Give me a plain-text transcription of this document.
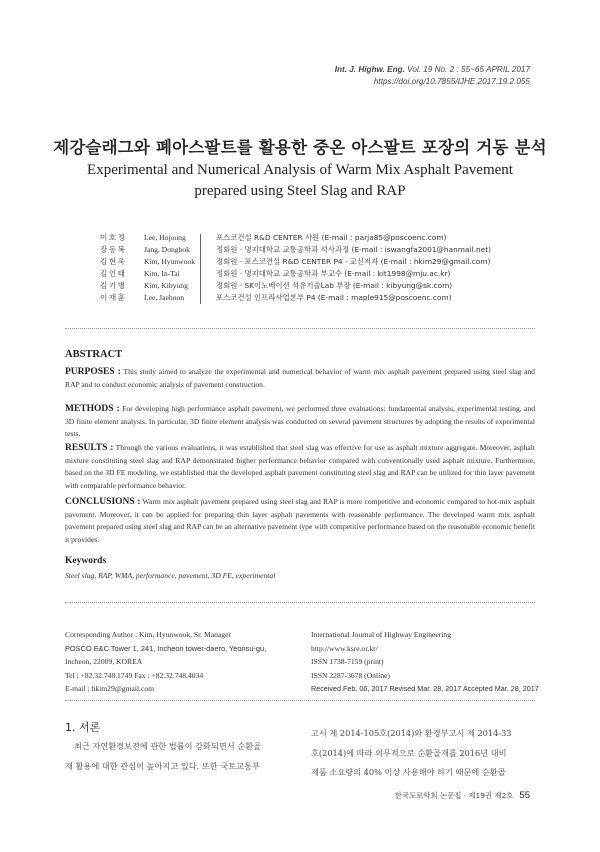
Int. J. Highw. Eng. Vol. 19 No. 2 : 55~65 APRIL 2017
https://doi.org/10.7855/IJHE.2017.19.2.055
제강슬래그와 폐아스팔트를 활용한 중온 아스팔트 포장의 거동 분석
Experimental and Numerical Analysis of Warm Mix Asphalt Pavement
prepared using Steel Slag and RAP
이호정	Lee, Hojoung	포스코건설 R&D CENTER 사원 (E-mail : parja85@poscoenc.com)
장동복	Jang, Dongbok	정회원 · 명지대학교 교통공학과 석사과정 (E-mail : iswangfa2001@hanmail.net)
김현욱	Kim, Hyunwook	정회원 · 포스코건설 R&D CENTER P4 · 교신저자 (E-mail : hkim29@gmail.com)
김인태	Kim, In-Tai	정회원 · 명지대학교 교통공학과 부교수 (E-mail : kit1998@mju.ac.kr)
김기병	Kim, Kibyung	정회원 · SK이노베이션 석유기술Lab 부장 (E-mail : kibyung@sk.com)
이재훈	Lee, Jaehoon	포스코건설 인프라사업본부 P4 (E-mail : maple915@poscoenc.com)
ABSTRACT
PURPOSES : This study aimed to analyze the experimental and numerical behavior of warm mix asphalt pavement prepared using steel slag and RAP and to conduct economic analysis of pavement construction.
METHODS : For developing high performance asphalt pavement, we performed three evaluations: fundamental analysis, experimental testing, and 3D finite element analysis. In particular, 3D finite element analysis was conducted on several pavement structures by adopting the results of experimental tests.
RESULTS : Through the various evaluations, it was established that steel slag was effective for use as asphalt mixture aggregate. Moreover, asphalt mixture constituting steel slag and RAP demonstrated higher performance behavior compared with conventionally used asphalt mixture. Furthermore, based on the 3D FE modeling, we established that the developed asphalt pavement constituting steel slag and RAP can be utilized for thin layer pavement with comparable performance behavior.
CONCLUSIONS : Warm mix asphalt pavement prepared using steel slag and RAP is more competitive and economic compared to hot-mix asphalt pavement. Moreover, it can be applied for preparing thin layer asphalt pavements with reasonable performance. The developed warm mix asphalt pavement prepared using steel slag and RAP can be an alternative pavement type with competitive performance based on the reasonable economic benefit it provides.
Keywords
Steel slag, RAP, WMA, performance, pavement, 3D FE, experimental
Corresponding Author : Kim, Hyunwook, Sr. Manager
POSCO E&C Tower 1, 241, Incheon tower-daero, Yeonsu-gu,
Incheon, 22009, KOREA
Tel : +82.32.748.1749 Fax : +82.32.748.4034
E-mail : hkim29@gmail.com
International Journal of Highway Engineering
http://www.ksre.or.kr/
ISSN 1738-7159 (print)
ISSN 2287-3678 (Online)
Received Feb. 06, 2017 Revised Mar. 28, 2017 Accepted Mar. 28, 2017
1. 서론
최근 자연환경보전에 관한 법률이 강화되면서 순환골
재 활용에 대한 관심이 높아지고 있다. 또한 국토교통부
고시 제 2014-105호(2014)와 환경부고시 제 2014-33
호(2014)에 따라 의무적으로 순환골재를 2016년 대비
제품 소요량의 40% 이상 사용해야 하기 때문에 순환골
한국도로학회 논문집 · 제19권 제2호 55
